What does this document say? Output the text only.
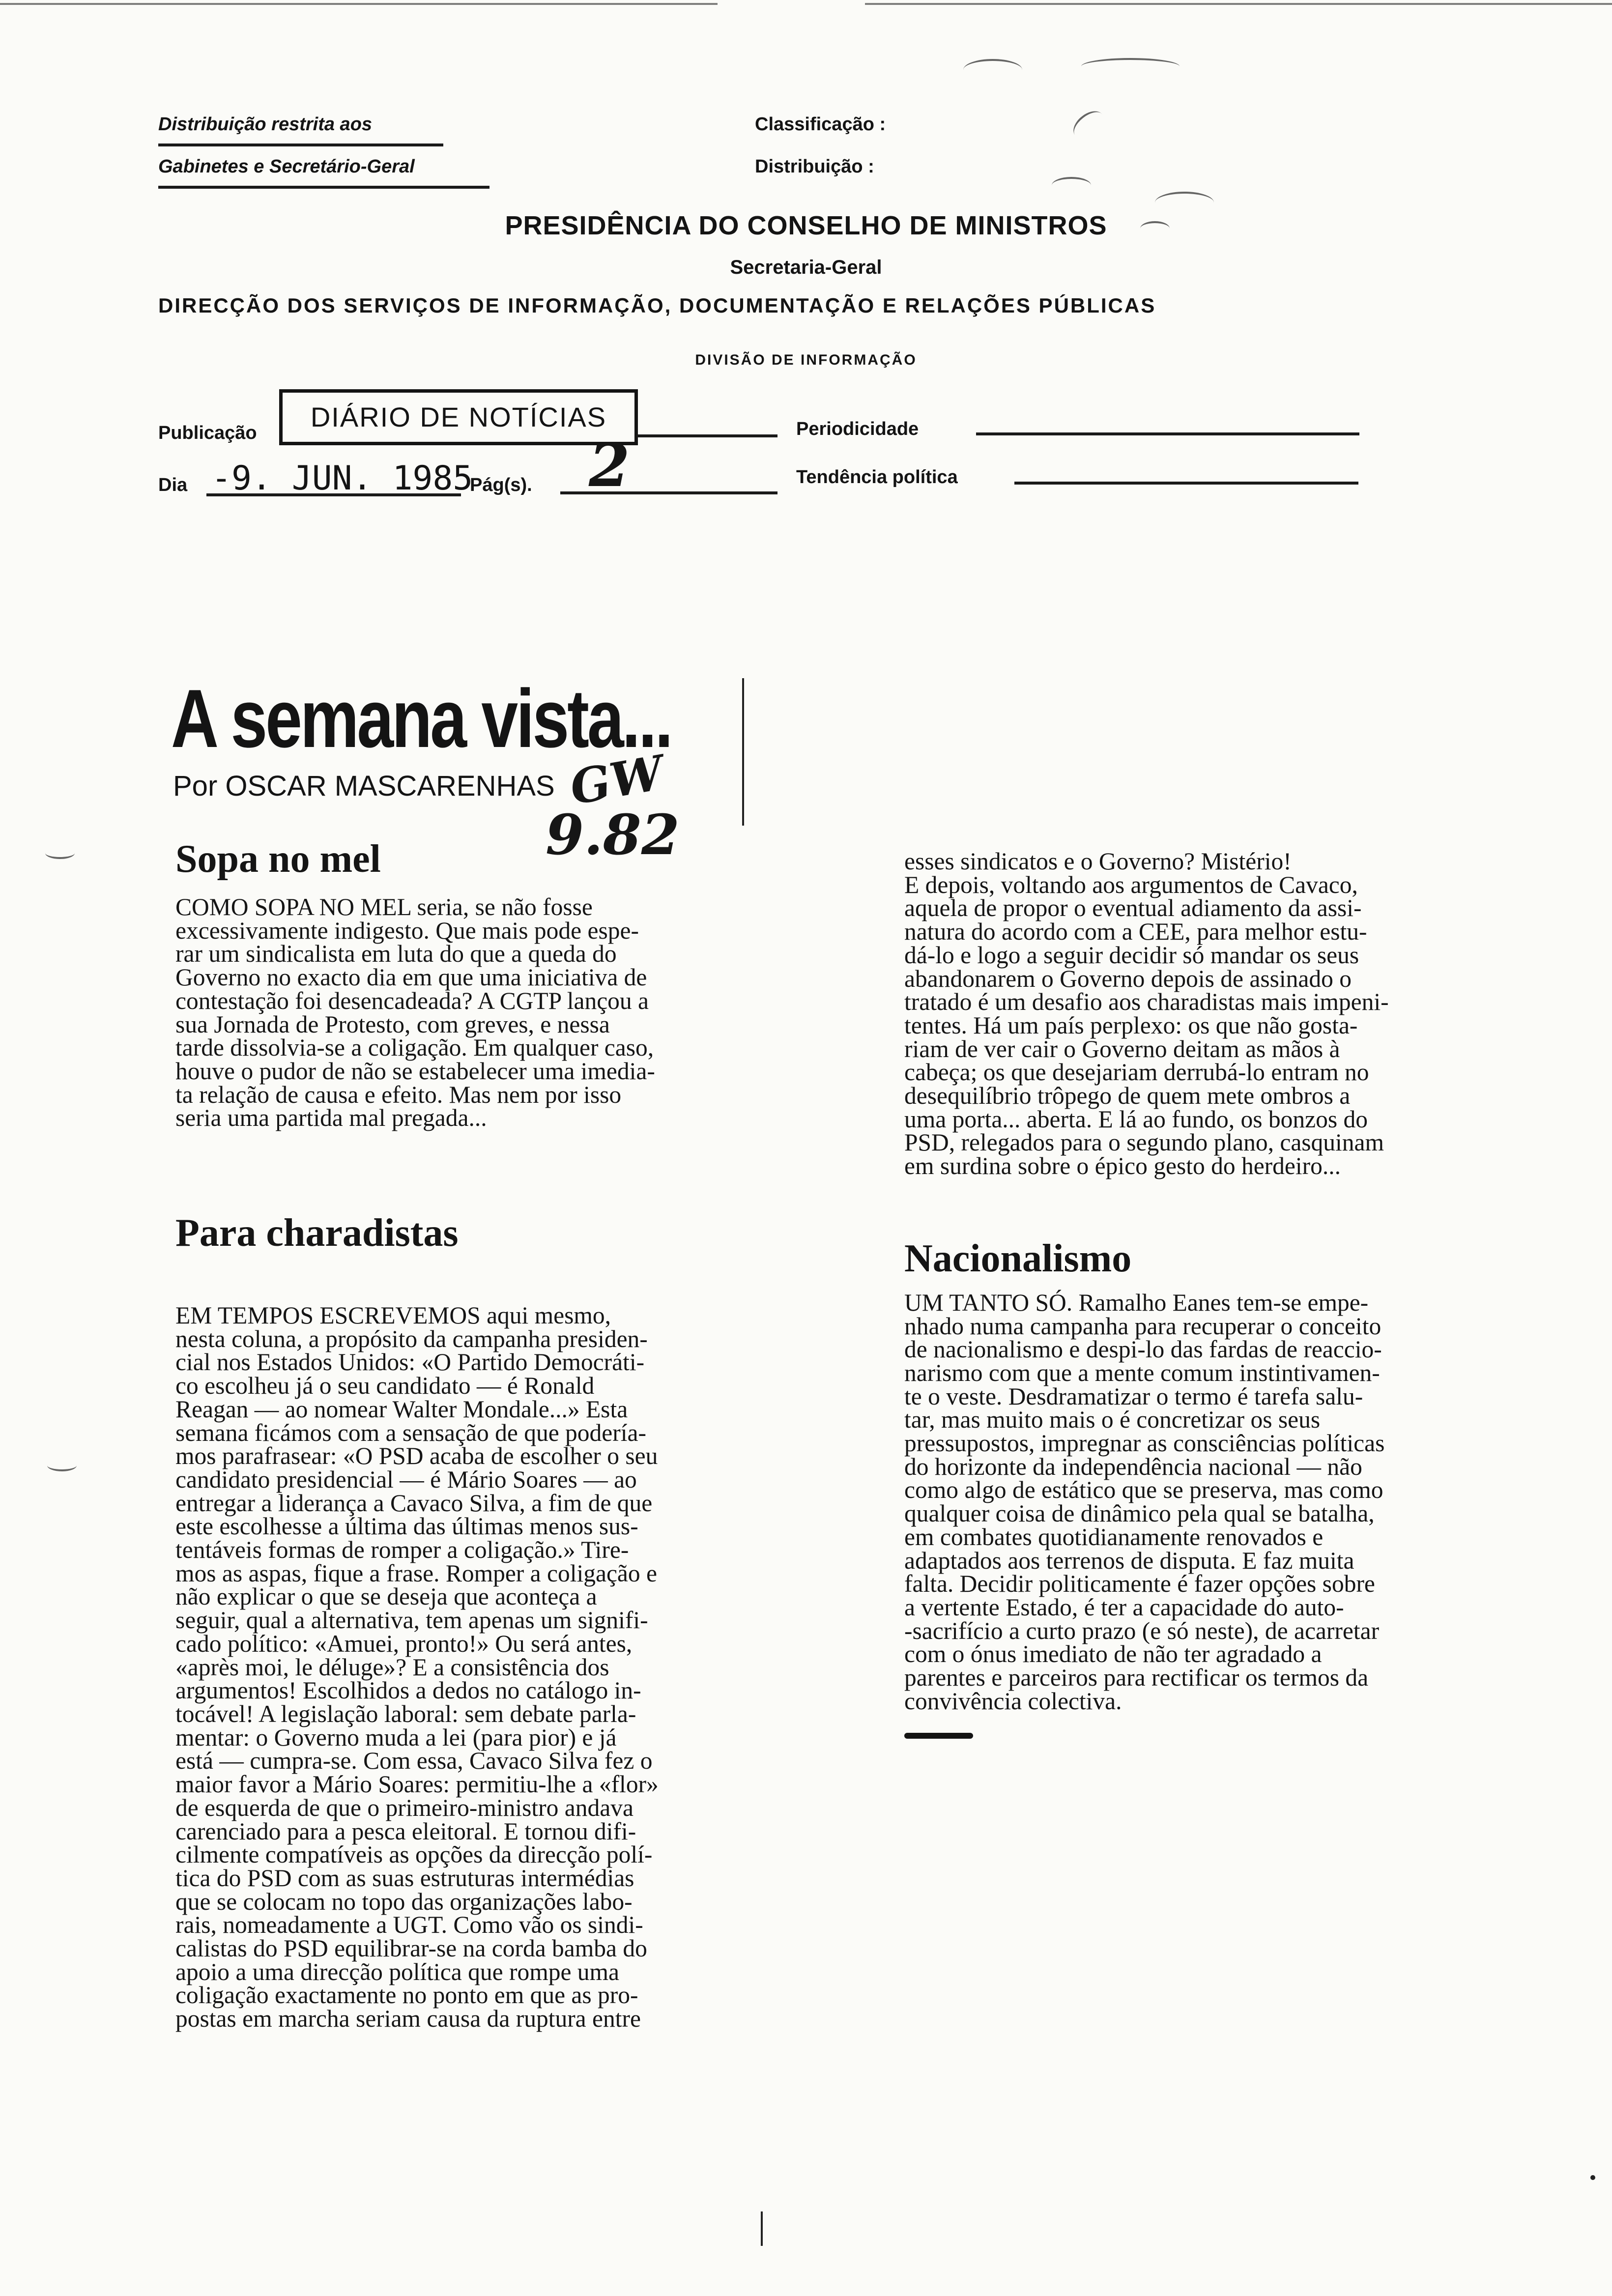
Distribuição restrita aos
Gabinetes e Secretário-Geral
Classificação :
Distribuição :
PRESIDÊNCIA DO CONSELHO DE MINISTROS
Secretaria-Geral
DIRECÇÃO DOS SERVIÇOS DE INFORMAÇÃO, DOCUMENTAÇÃO E RELAÇÕES PÚBLICAS
DIVISÃO DE INFORMAÇÃO
Publicação
DIÁRIO DE NOTÍCIAS	Periodicidade
Dia -9. JUN. 1985
Pág(s). 2	Tendência política
A semana vista...
Por OSCAR MASCARENHAS GW
9.82
Sopa no mel

COMO SOPA NO MEL seria, se não fosse

excessivamente indigesto. Que mais pode espe-

rar um sindicalista em luta do que a queda do

Governo no exacto dia em que uma iniciativa de

contestação foi desencadeada? A CGTP lançou a

sua Jornada de Protesto, com greves, e nessa

tarde dissolvia-se a coligação. Em qualquer caso,

houve o pudor de não se estabelecer uma imedia-

ta relação de causa e efeito. Mas nem por isso

seria uma partida mal pregada...

Para charadistas

EM TEMPOS ESCREVEMOS aqui mesmo,

nesta coluna, a propósito da campanha presiden-

cial nos Estados Unidos: «O Partido Democráti-

co escolheu já o seu candidato — é Ronald

Reagan — ao nomear Walter Mondale...» Esta

semana ficámos com a sensação de que podería-

mos parafrasear: «O PSD acaba de escolher o seu

candidato presidencial — é Mário Soares — ao

entregar a liderança a Cavaco Silva, a fim de que

este escolhesse a última das últimas menos sus-

tentáveis formas de romper a coligação.» Tire-

mos as aspas, fique a frase. Romper a coligação e

não explicar o que se deseja que aconteça a

seguir, qual a alternativa, tem apenas um signifi-

cado político: «Amuei, pronto!» Ou será antes,

«après moi, le déluge»? E a consistência dos

argumentos! Escolhidos a dedos no catálogo in-

tocável! A legislação laboral: sem debate parla-

mentar: o Governo muda a lei (para pior) e já

está — cumpra-se. Com essa, Cavaco Silva fez o

maior favor a Mário Soares: permitiu-lhe a «flor»

de esquerda de que o primeiro-ministro andava

carenciado para a pesca eleitoral. E tornou difi-

cilmente compatíveis as opções da direcção polí-

tica do PSD com as suas estruturas intermédias

que se colocam no topo das organizações labo-

rais, nomeadamente a UGT. Como vão os sindi-

calistas do PSD equilibrar-se na corda bamba do

apoio a uma direcção política que rompe uma

coligação exactamente no ponto em que as pro-

postas em marcha seriam causa da ruptura entre

esses sindicatos e o Governo? Mistério!

E depois, voltando aos argumentos de Cavaco,

aquela de propor o eventual adiamento da assi-

natura do acordo com a CEE, para melhor estu-

dá-lo e logo a seguir decidir só mandar os seus

abandonarem o Governo depois de assinado o

tratado é um desafio aos charadistas mais impeni-

tentes. Há um país perplexo: os que não gosta-

riam de ver cair o Governo deitam as mãos à

cabeça; os que desejariam derrubá-lo entram no

desequilíbrio trôpego de quem mete ombros a

uma porta... aberta. E lá ao fundo, os bonzos do

PSD, relegados para o segundo plano, casquinam

em surdina sobre o épico gesto do herdeiro...

Nacionalismo

UM TANTO SÓ. Ramalho Eanes tem-se empe-

nhado numa campanha para recuperar o conceito

de nacionalismo e despi-lo das fardas de reaccio-

narismo com que a mente comum instintivamen-

te o veste. Desdramatizar o termo é tarefa salu-

tar, mas muito mais o é concretizar os seus

pressupostos, impregnar as consciências políticas

do horizonte da independência nacional — não

como algo de estático que se preserva, mas como

qualquer coisa de dinâmico pela qual se batalha,

em combates quotidianamente renovados e

adaptados aos terrenos de disputa. E faz muita

falta. Decidir politicamente é fazer opções sobre

a vertente Estado, é ter a capacidade do auto-

-sacrifício a curto prazo (e só neste), de acarretar

com o ónus imediato de não ter agradado a

parentes e parceiros para rectificar os termos da

convivência colectiva.
